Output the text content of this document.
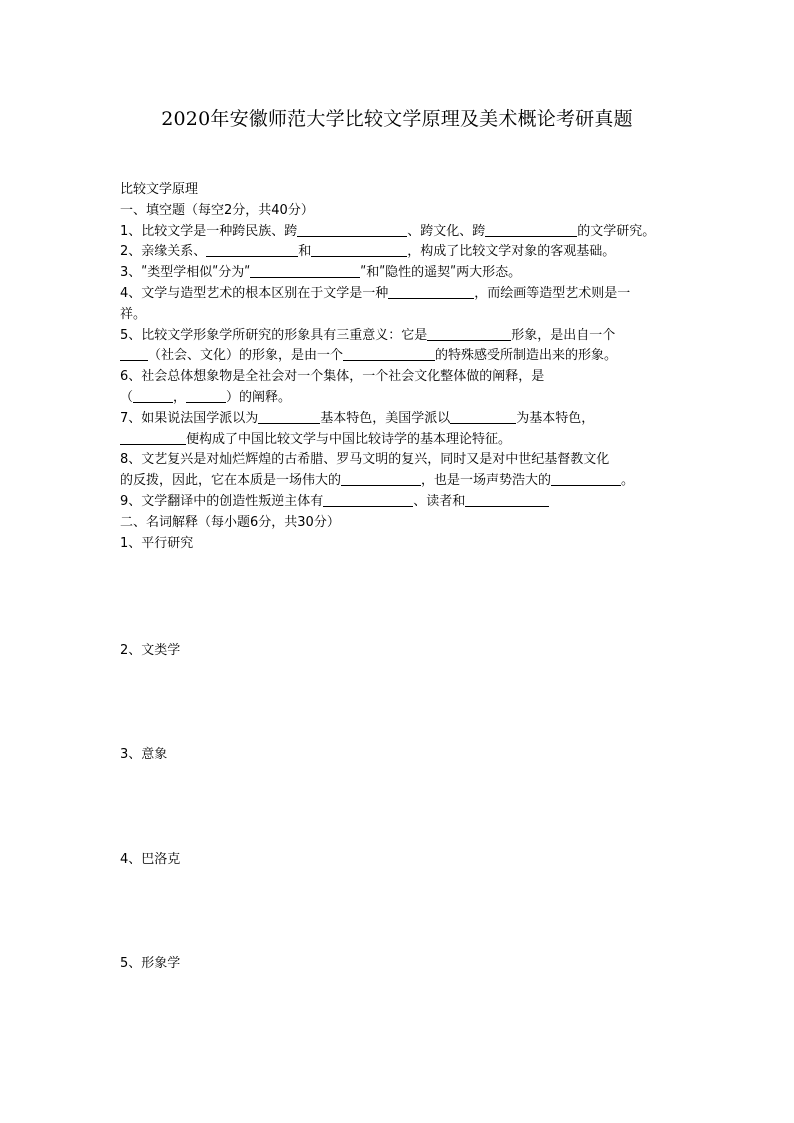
2020年安徽师范大学比较文学原理及美术概论考研真题

比较文学原理

一、填空题（每空2分，共40分）

1、比较文学是一种跨民族、跨	、跨文化、跨	的文学研究。

2、亲缘关系、	和	，构成了比较文学对象的客观基础。

3、ʺ类型学相似ʺ分为ʺ	ʺ和ʺ隐性的遥契ʺ两大形态。

4、文学与造型艺术的根本区别在于文学是一种	，而绘画等造型艺术则是一

祥。

5、比较文学形象学所研究的形象具有三重意义：它是	形象，是出自一个

（社会、文化）的形象，是由一个	的特殊感受所制造出来的形象。

6、社会总体想象物是全社会对一个集体，一个社会文化整体做的阐释，是

（	，	）的阐释。

7、如果说法国学派以为	基本特色，美国学派以	为基本特色，

便构成了中国比较文学与中国比较诗学的基本理论特征。

8、文艺复兴是对灿烂辉煌的古希腊、罗马文明的复兴，同时又是对中世纪基督教文化

的反拨，因此，它在本质是一场伟大的	，也是一场声势浩大的	。

9、文学翻译中的创造性叛逆主体有	、读者和

二、名词解释（每小题6分，共30分）

1、平行研究

2、文类学
3、意象
4、巴洛克
5、形象学
